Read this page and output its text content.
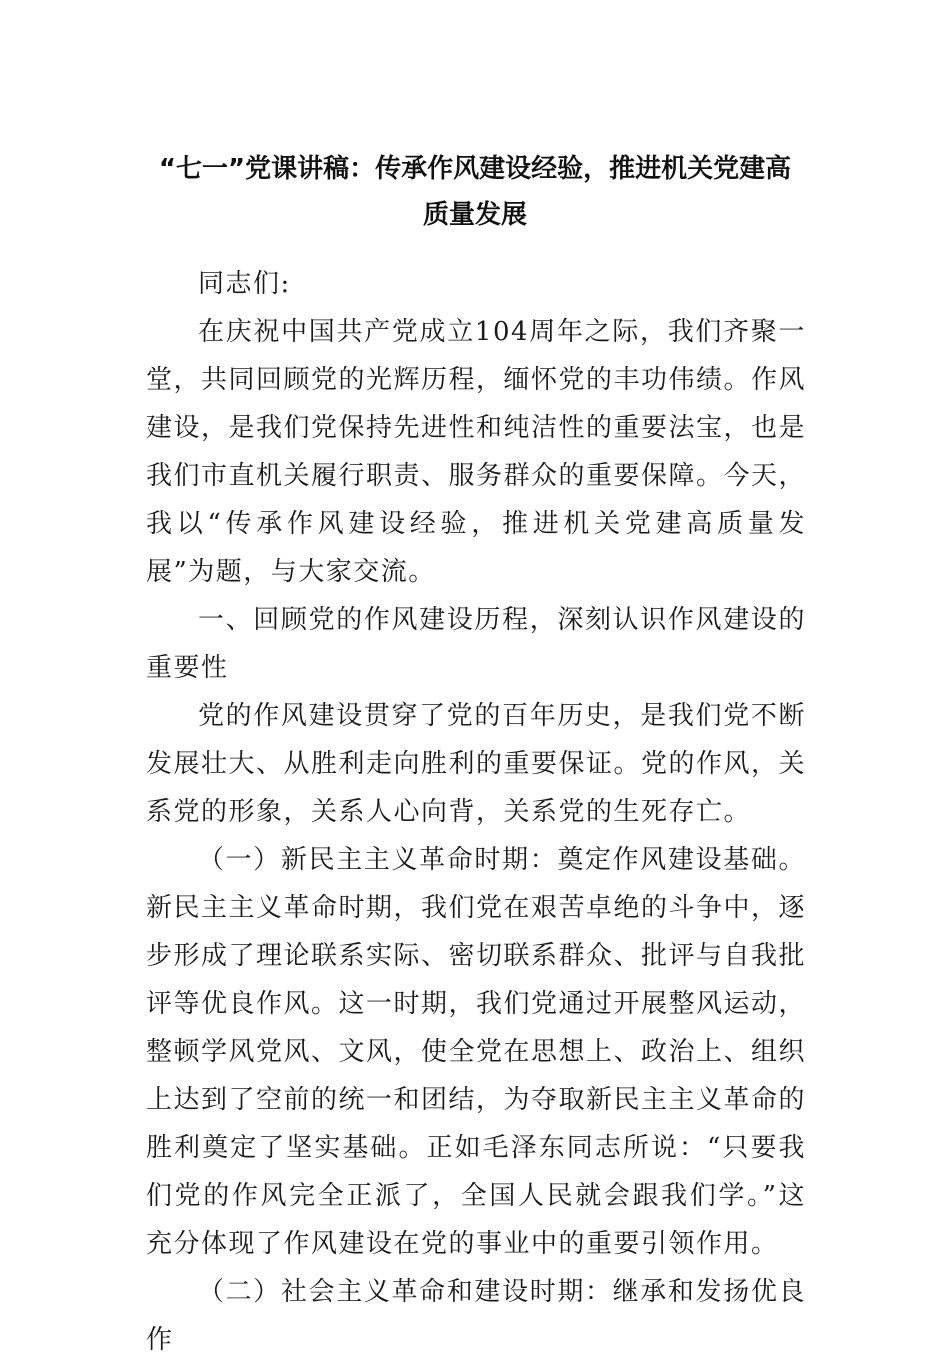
“七一”党课讲稿：传承作风建设经验，推进机关党建高
质量发展

同志们:

在庆祝中国共产党成立104周年之际，我们齐聚一堂，共同回顾党的光辉历程，缅怀党的丰功伟绩。作风建设，是我们党保持先进性和纯洁性的重要法宝，也是我们市直机关履行职责、服务群众的重要保障。今天，我以“传承作风建设经验，推进机关党建高质量发展”为题，与大家交流。

一、回顾党的作风建设历程，深刻认识作风建设的重要性

党的作风建设贯穿了党的百年历史，是我们党不断发展壮大、从胜利走向胜利的重要保证。党的作风，关系党的形象，关系人心向背，关系党的生死存亡。

（一）新民主主义革命时期：奠定作风建设基础。新民主主义革命时期，我们党在艰苦卓绝的斗争中，逐步形成了理论联系实际、密切联系群众、批评与自我批评等优良作风。这一时期，我们党通过开展整风运动，整顿学风党风、文风，使全党在思想上、政治上、组织上达到了空前的统一和团结，为夺取新民主主义革命的胜利奠定了坚实基础。正如毛泽东同志所说：“只要我们党的作风完全正派了，全国人民就会跟我们学。”这充分体现了作风建设在党的事业中的重要引领作用。

（二）社会主义革命和建设时期：继承和发扬优良作
